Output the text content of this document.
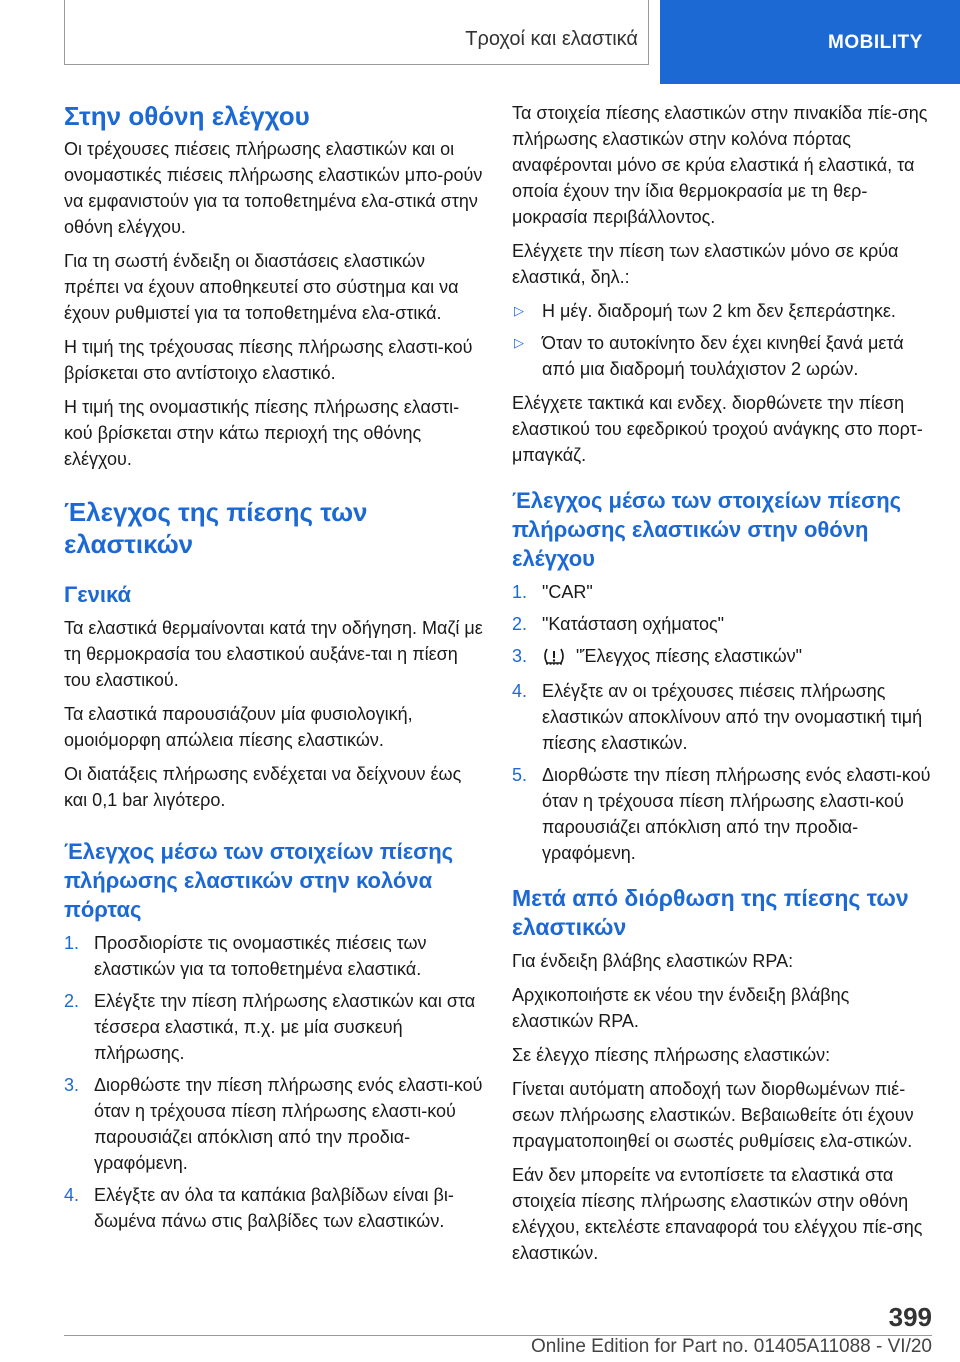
Τροχοί και ελαστικά	MOBILITY
Στην οθόνη ελέγχου

Οι τρέχουσες πιέσεις πλήρωσης ελαστικών και οι ονομαστικές πιέσεις πλήρωσης ελαστικών μπο-ρούν να εμφανιστούν για τα τοποθετημένα ελα-στικά στην οθόνη ελέγχου.

Για τη σωστή ένδειξη οι διαστάσεις ελαστικών πρέπει να έχουν αποθηκευτεί στο σύστημα και να έχουν ρυθμιστεί για τα τοποθετημένα ελα-στικά.

Η τιμή της τρέχουσας πίεσης πλήρωσης ελαστι-κού βρίσκεται στο αντίστοιχο ελαστικό.

Η τιμή της ονομαστικής πίεσης πλήρωσης ελαστι-κού βρίσκεται στην κάτω περιοχή της οθόνης ελέγχου.

Έλεγχος της πίεσης των ελαστικών
Γενικά

Τα ελαστικά θερμαίνονται κατά την οδήγηση. Μαζί με τη θερμοκρασία του ελαστικού αυξάνε-ται η πίεση του ελαστικού.

Τα ελαστικά παρουσιάζουν μία φυσιολογική, ομοιόμορφη απώλεια πίεσης ελαστικών.

Οι διατάξεις πλήρωσης ενδέχεται να δείχνουν έως και 0,1 bar λιγότερο.

Έλεγχος μέσω των στοιχείων πίεσης πλήρωσης ελαστικών στην κολόνα πόρτας
1. Προσδιορίστε τις ονομαστικές πιέσεις των ελαστικών για τα τοποθετημένα ελαστικά.
2. Ελέγξτε την πίεση πλήρωσης ελαστικών και στα τέσσερα ελαστικά, π.χ. με μία συσκευή πλήρωσης.
3. Διορθώστε την πίεση πλήρωσης ενός ελαστι-κού όταν η τρέχουσα πίεση πλήρωσης ελαστι-κού παρουσιάζει απόκλιση από την προδια-γραφόμενη.
4. Ελέγξτε αν όλα τα καπάκια βαλβίδων είναι βι-δωμένα πάνω στις βαλβίδες των ελαστικών.

Τα στοιχεία πίεσης ελαστικών στην πινακίδα πίε-σης πλήρωσης ελαστικών στην κολόνα πόρτας αναφέρονται μόνο σε κρύα ελαστικά ή ελαστικά, τα οποία έχουν την ίδια θερμοκρασία με τη θερ-μοκρασία περιβάλλοντος.

Ελέγχετε την πίεση των ελαστικών μόνο σε κρύα ελαστικά, δηλ.:

▷ Η μέγ. διαδρομή των 2 km δεν ξεπεράστηκε.
▷ Όταν το αυτοκίνητο δεν έχει κινηθεί ξανά μετά από μια διαδρομή τουλάχιστον 2 ωρών.

Ελέγχετε τακτικά και ενδεχ. διορθώνετε την πίεση ελαστικού του εφεδρικού τροχού ανάγκης στο πορτ-μπαγκάζ.

Έλεγχος μέσω των στοιχείων πίεσης πλήρωσης ελαστικών στην οθόνη ελέγχου
1. "CAR"
2. "Κατάσταση οχήματος"
3.	"Έλεγχος πίεσης ελαστικών"
4. Ελέγξτε αν οι τρέχουσες πιέσεις πλήρωσης ελαστικών αποκλίνουν από την ονομαστική τιμή πίεσης ελαστικών.
5. Διορθώστε την πίεση πλήρωσης ενός ελαστι-κού όταν η τρέχουσα πίεση πλήρωσης ελαστι-κού παρουσιάζει απόκλιση από την προδια-γραφόμενη.
Μετά από διόρθωση της πίεσης των ελαστικών

Για ένδειξη βλάβης ελαστικών RPA:

Αρχικοποιήστε εκ νέου την ένδειξη βλάβης ελαστικών RPA.

Σε έλεγχο πίεσης πλήρωσης ελαστικών:

Γίνεται αυτόματη αποδοχή των διορθωμένων πιέ-σεων πλήρωσης ελαστικών. Βεβαιωθείτε ότι έχουν πραγματοποιηθεί οι σωστές ρυθμίσεις ελα-στικών.

Εάν δεν μπορείτε να εντοπίσετε τα ελαστικά στα στοιχεία πίεσης πλήρωσης ελαστικών στην οθόνη ελέγχου, εκτελέστε επαναφορά του ελέγχου πίε-σης ελαστικών.

399
Online Edition for Part no. 01405A11088 - VI/20
